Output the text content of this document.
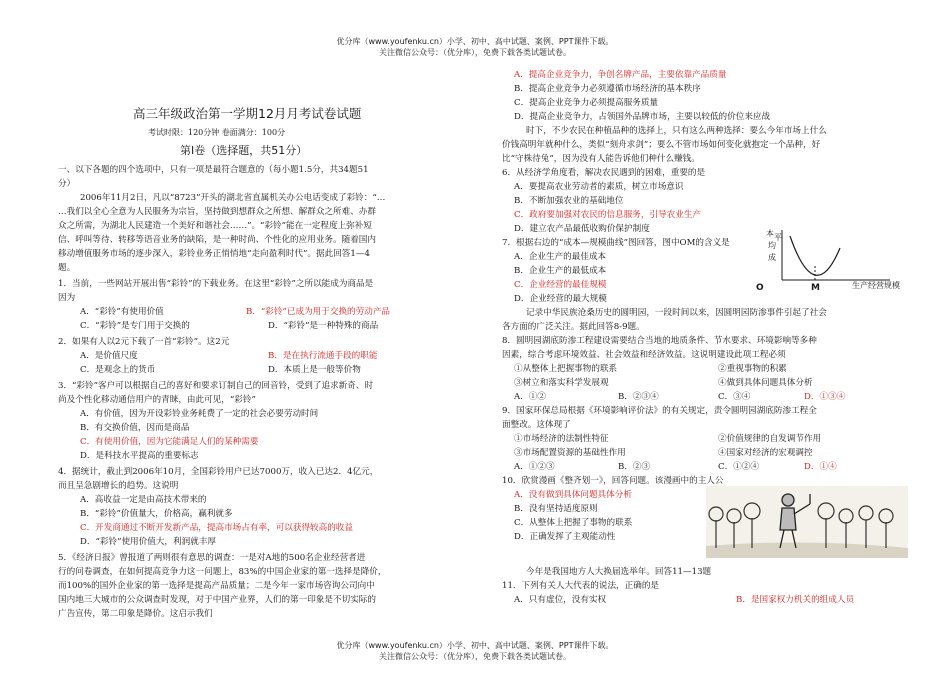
优分库（www.youfenku.cn）小学、初中、高中试题、案例、PPT课件下载。
关注微信公众号：（优分库），免费下载各类试题试卷。
高三年级政治第一学期12月月考试卷试题
考试时限：120分钟 卷面满分：100分
第Ⅰ卷（选择题，共51分）
一、以下各题的四个选项中，只有一项是最符合题意的（每小题1.5分，共34题51
分）
2006年11月2日，凡以“8723”开头的湖北省直属机关办公电话变成了彩铃：“…
…我们以全心全意为人民服务为宗旨，坚持做到想群众之所想、解群众之所难、办群
众之所需，为湖北人民建造一个美好和谐社会……”。“彩铃”能在一定程度上弥补短
信、呼叫等待、转移等语音业务的缺陷，是一种时尚、个性化的应用业务。随着国内
移动增值服务市场的逐步深入，彩铃业务正悄悄地“走向盈利时代”。据此回答1—4
题。
1．当前，一些网站开展出售“彩铃”的下载业务。在这里“彩铃”之所以能成为商品是
因为
A．“彩铃”有使用价值	B．“彩铃”已成为用于交换的劳动产品
C．“彩铃”是专门用于交换的	D．“彩铃”是一种特殊的商品
2．如果有人以2元下载了一首“彩铃”。这2元
A．是价值尺度	B．是在执行流通手段的职能
C．是观念上的货币	D．本质上是一般等价物
3．“彩铃”客户可以根据自己的喜好和要求订制自己的回音铃，受到了追求新奇、时
尚及个性化移动通信用户的青睐，由此可见，“彩铃”
A．有价值，因为开设彩铃业务耗费了一定的社会必要劳动时间
B．有交换价值，因而是商品
C．有使用价值，因为它能满足人们的某种需要
D．是科技水平提高的重要标志
4．据统计，截止到2006年10月，全国彩铃用户已达7000万，收入已达2．4亿元，
而且呈急剧增长的趋势。这说明
A．高收益一定是由高技术带来的
B．“彩铃”价值量大，价格高，赢利就多
C．开发商通过不断开发新产品，提高市场占有率，可以获得较高的收益
D．“彩铃”使用价值大，利润就丰厚
5．《经济日报》曾报道了两则很有意思的调查：一是对A地的500名企业经营者进
行的问卷调查，在如何提高竞争力这一问题上，83%的中国企业家的第一选择是降价，
而100%的国外企业家的第一选择是提高产品质量；二是今年一家市场咨询公司向中
国内地三大城市的公众调查时发现，对于中国产业界，人们的第一印象是不切实际的
广告宣传，第二印象是降价。这启示我们
A．提高企业竞争力，争创名牌产品，主要依靠产品质量
B．提高企业竞争力必须遵循市场经济的基本秩序
C．提高企业竞争力必须提高服务质量
D．提高企业竞争力，占领国外品牌市场，主要以较低的价位来应战
时下，不少农民在种植品种的选择上，只有这么两种选择：要么今年市场上什么
价钱高明年就种什么，类似“刻舟求剑”；要么不管市场如何变化就抱定一个品种，好
比“守株待兔”，因为没有人能告诉他们种什么赚钱。
6．从经济学角度看，解决农民遇到的困难，重要的是
A．要提高农业劳动者的素质，树立市场意识
B．不断加强农业的基础地位
C．政府要加强对农民的信息服务，引导农业生产
D．建立农产品最低收购价保护制度
7．根据右边的“成本—规模曲线”图回答，图中OM的含义是
A．企业生产的最佳成本
B．企业生产的最低成本
C．企业经营的最佳规模
D．企业经营的最大规模
记录中华民族沧桑历史的圆明园，一段时间以来，因圆明园防渗事件引起了社会
各方面的广泛关注。据此回答8-9题。
8．圆明园湖底防渗工程建设需要结合当地的地质条件、节水要求、环境影响等多种
因素，综合考虑环境效益、社会效益和经济效益。这说明建设此项工程必须
①从整体上把握事物的联系	②重视事物的积累
③树立和落实科学发展观	④做到具体问题具体分析
A．①②	B．②③④	C．③④	D．①③④
9．国家环保总局根据《环境影响评价法》的有关规定，责令圆明园湖底防渗工程全
面整改。这体现了
①市场经济的法制性特征	②价值规律的自发调节作用
③市场配置资源的基础性作用	④国家对经济的宏观调控
A．①②③	B．②③	C．①②④	D．①④
10．欣赏漫画《整齐划一》，回答问题。该漫画中的主人公
A．没有做到具体问题具体分析
B．没有坚持适度原则
C．从整体上把握了事物的联系
D．正确发挥了主观能动性
今年是我国地方人大换届选举年。回答11—13题
11．下列有关人大代表的说法，正确的是
A．只有虚位，没有实权	B．是国家权力机关的组成人员
本 平
均
成
O	M	生产经营规模
优分库（www.youfenku.cn）小学、初中、高中试题、案例、PPT课件下载。
关注微信公众号：（优分库），免费下载各类试题试卷。
